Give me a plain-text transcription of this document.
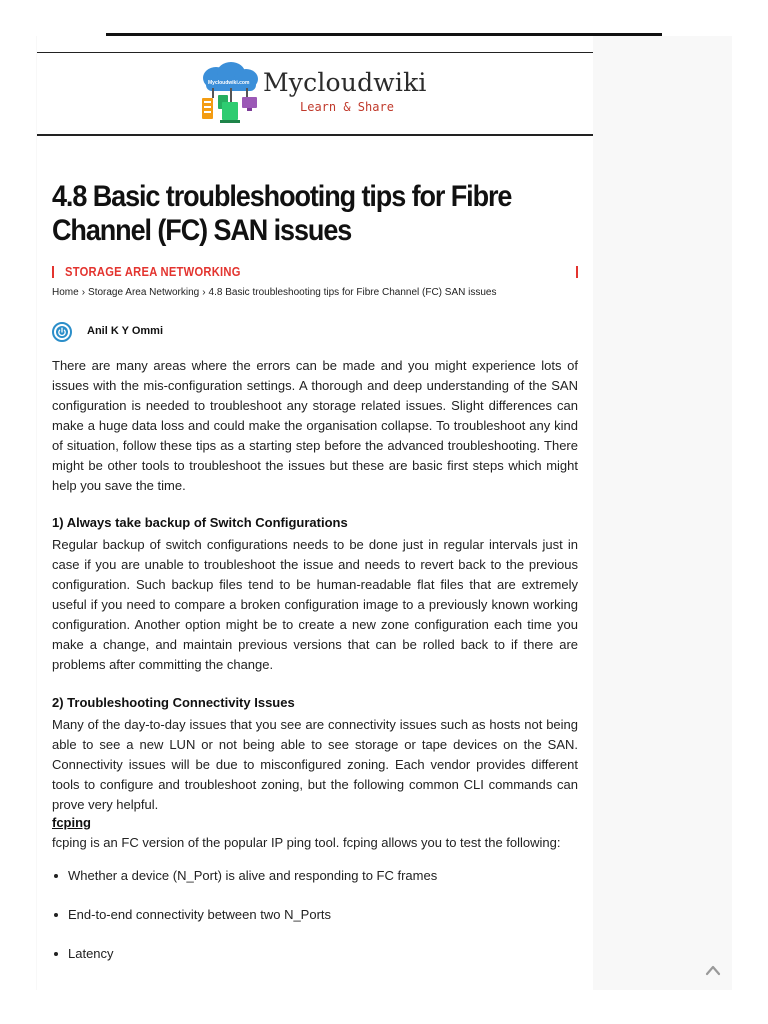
Mycloudwiki.com Mycloudwiki
Learn & Share
4.8 Basic troubleshooting tips for Fibre Channel (FC) SAN issues
STORAGE AREA NETWORKING
Home › Storage Area Networking › 4.8 Basic troubleshooting tips for Fibre Channel (FC) SAN issues
Anil K Y Ommi

There are many areas where the errors can be made and you might experience lots of issues with the mis-configuration settings. A thorough and deep understanding of the SAN configuration is needed to troubleshoot any storage related issues. Slight differences can make a huge data loss and could make the organisation collapse. To troubleshoot any kind of situation, follow these tips as a starting step before the advanced troubleshooting. There might be other tools to troubleshoot the issues but these are basic first steps which might help you save the time.

1) Always take backup of Switch Configurations

Regular backup of switch configurations needs to be done just in regular intervals just in case if you are unable to troubleshoot the issue and needs to revert back to the previous configuration. Such backup files tend to be human-readable flat files that are extremely useful if you need to compare a broken configuration image to a previously known working configuration. Another option might be to create a new zone configuration each time you make a change, and maintain previous versions that can be rolled back to if there are problems after committing the change.

2) Troubleshooting Connectivity Issues

Many of the day-to-day issues that you see are connectivity issues such as hosts not being able to see a new LUN or not being able to see storage or tape devices on the SAN. Connectivity issues will be due to misconfigured zoning. Each vendor provides different tools to configure and troubleshoot zoning, but the following common CLI commands can prove very helpful.

fcping

fcping is an FC version of the popular IP ping tool. fcping allows you to test the following:

Whether a device (N_Port) is alive and responding to FC frames
End-to-end connectivity between two N_Ports
Latency
